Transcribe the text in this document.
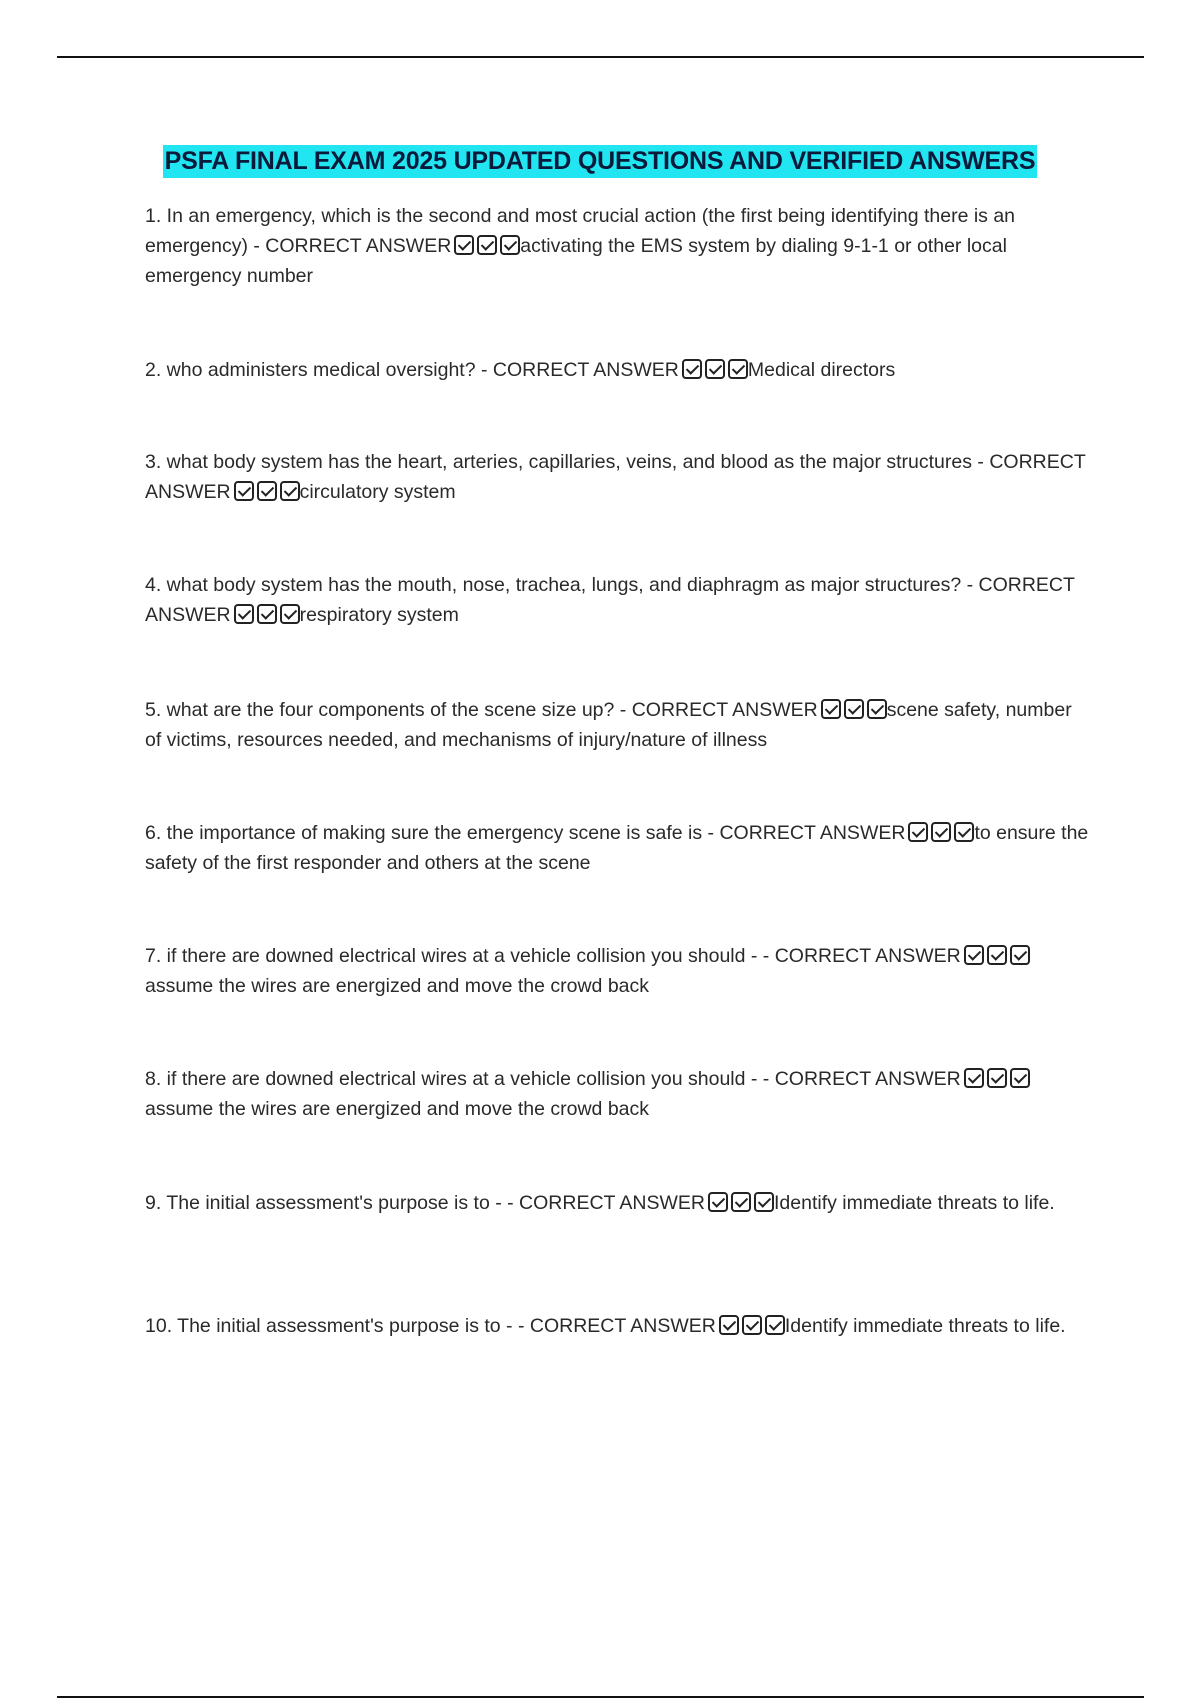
PSFA FINAL EXAM 2025 UPDATED QUESTIONS AND VERIFIED ANSWERS
1. In an emergency, which is the second and most crucial action (the first being identifying there is an emergency) - CORRECT ANSWER	activating the EMS system by dialing 9-1-1 or other local emergency number
2. who administers medical oversight? - CORRECT ANSWER	Medical directors
3. what body system has the heart, arteries, capillaries, veins, and blood as the major structures - CORRECT ANSWER	circulatory system
4. what body system has the mouth, nose, trachea, lungs, and diaphragm as major structures? - CORRECT ANSWER	respiratory system
5. what are the four components of the scene size up? - CORRECT ANSWER	scene safety, number of victims, resources needed, and mechanisms of injury/nature of illness
6. the importance of making sure the emergency scene is safe is - CORRECT ANSWER	to ensure the safety of the first responder and others at the scene
7. if there are downed electrical wires at a vehicle collision you should - - CORRECT ANSWERassume the wires are energized and move the crowd back
8. if there are downed electrical wires at a vehicle collision you should - - CORRECT ANSWERassume the wires are energized and move the crowd back
9. The initial assessment's purpose is to - - CORRECT ANSWER	Identify immediate threats to life.
10. The initial assessment's purpose is to - - CORRECT ANSWER	Identify immediate threats to life.
